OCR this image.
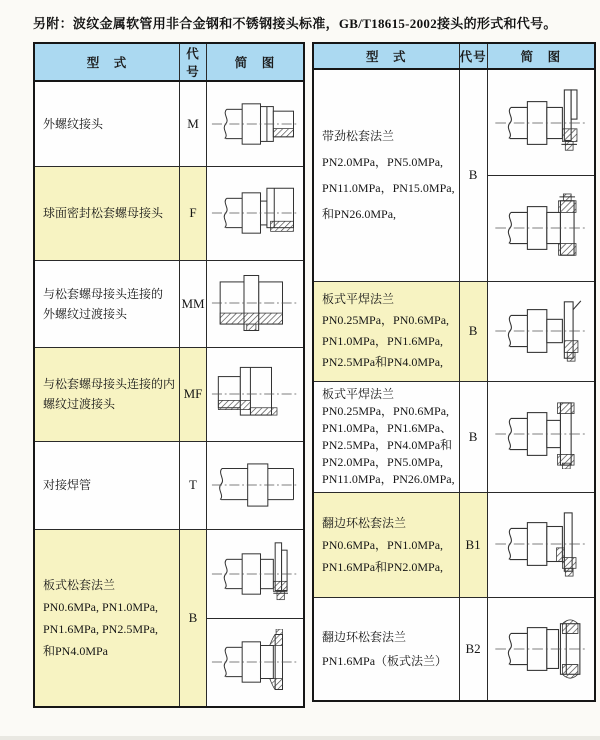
另附：波纹金属软管用非合金钢和不锈钢接头标准，GB/T18615-2002接头的形式和代号。
型　式	代号	简　图

外螺纹接头	M	

球面密封松套螺母接头	F	

与松套螺母接头连接的
外螺纹过渡接头	MM	

与松套螺母接头连接的内
螺纹过渡接头	MF	

对接焊管	T	

板式松套法兰
PN0.6MPa, PN1.0MPa,
PN1.6MPa, PN2.5MPa,
和PN4.0MPa	B	
型　式	代号	简　图

带劲松套法兰
PN2.0MPa，PN5.0MPa,
PN11.0MPa，PN15.0MPa,
和PN26.0MPa,	B	

板式平焊法兰
PN0.25MPa，PN0.6MPa,
PN1.0MPa，PN1.6MPa,
PN2.5MPa和PN4.0MPa,	B	

板式平焊法兰
PN0.25MPa，PN0.6MPa,
PN1.0MPa，PN1.6MPa、
PN2.5MPa，PN4.0MPa和
PN2.0MPa，PN5.0MPa,
PN11.0MPa，PN26.0MPa,
	B	

翻边环松套法兰
PN0.6MPa，PN1.0MPa,
PN1.6MPa和PN2.0MPa,	B1	

翻边环松套法兰
PN1.6MPa（板式法兰）	B2	
